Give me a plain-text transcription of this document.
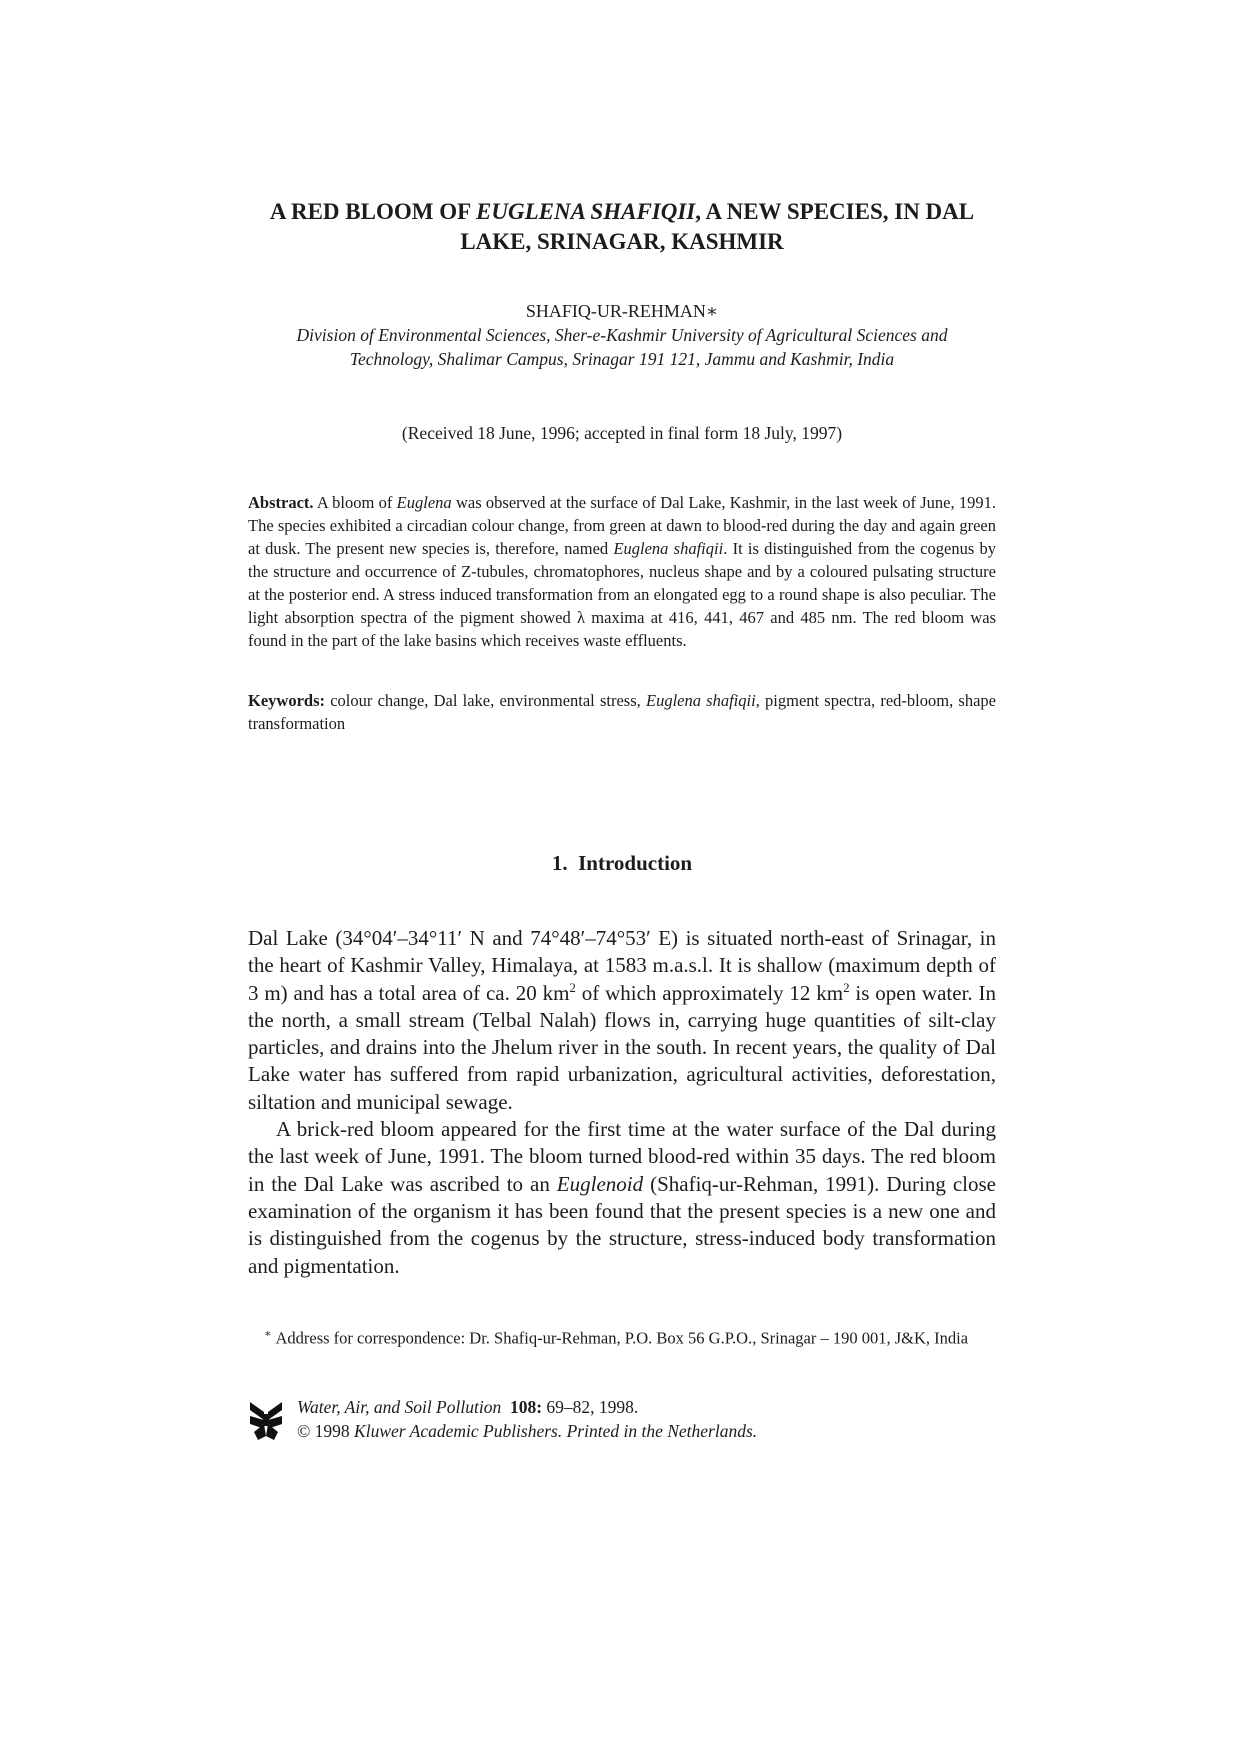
A RED BLOOM OF EUGLENA SHAFIQII, A NEW SPECIES, IN DAL
LAKE, SRINAGAR, KASHMIR
SHAFIQ-UR-REHMAN∗
Division of Environmental Sciences, Sher-e-Kashmir University of Agricultural Sciences and
Technology, Shalimar Campus, Srinagar 191 121, Jammu and Kashmir, India
(Received 18 June, 1996; accepted in final form 18 July, 1997)

Abstract. A bloom of Euglena was observed at the surface of Dal Lake, Kashmir, in the last week of June, 1991. The species exhibited a circadian colour change, from green at dawn to blood-red during the day and again green at dusk. The present new species is, therefore, named Euglena shafiqii. It is distinguished from the cogenus by the structure and occurrence of Z-tubules, chromatophores, nucleus shape and by a coloured pulsating structure at the posterior end. A stress induced transformation from an elongated egg to a round shape is also peculiar. The light absorption spectra of the pigment showed λ maxima at 416, 441, 467 and 485 nm. The red bloom was found in the part of the lake basins which receives waste effluents.

Keywords: colour change, Dal lake, environmental stress, Euglena shafiqii, pigment spectra, red-bloom, shape transformation

1. Introduction

Dal Lake (34°04′–34°11′ N and 74°48′–74°53′ E) is situated north-east of Srinagar, in the heart of Kashmir Valley, Himalaya, at 1583 m.a.s.l. It is shallow (maximum depth of 3 m) and has a total area of ca. 20 $km^2$ of which approximately 12 $km^2$ is open water. In the north, a small stream (Telbal Nalah) flows in, carrying huge quantities of silt-clay particles, and drains into the Jhelum river in the south. In recent years, the quality of Dal Lake water has suffered from rapid urbanization, agricultural activities, deforestation, siltation and municipal sewage.

A brick-red bloom appeared for the first time at the water surface of the Dal during the last week of June, 1991. The bloom turned blood-red within 35 days. The red bloom in the Dal Lake was ascribed to an Euglenoid (Shafiq-ur-Rehman, 1991). During close examination of the organism it has been found that the present species is a new one and is distinguished from the cogenus by the structure, stress-induced body transformation and pigmentation.

∗ Address for correspondence: Dr. Shafiq-ur-Rehman, P.O. Box 56 G.P.O., Srinagar – 190 001, J&K, India

Water, Air, and Soil Pollution 108: 69–82, 1998.
© 1998 Kluwer Academic Publishers. Printed in the Netherlands.
